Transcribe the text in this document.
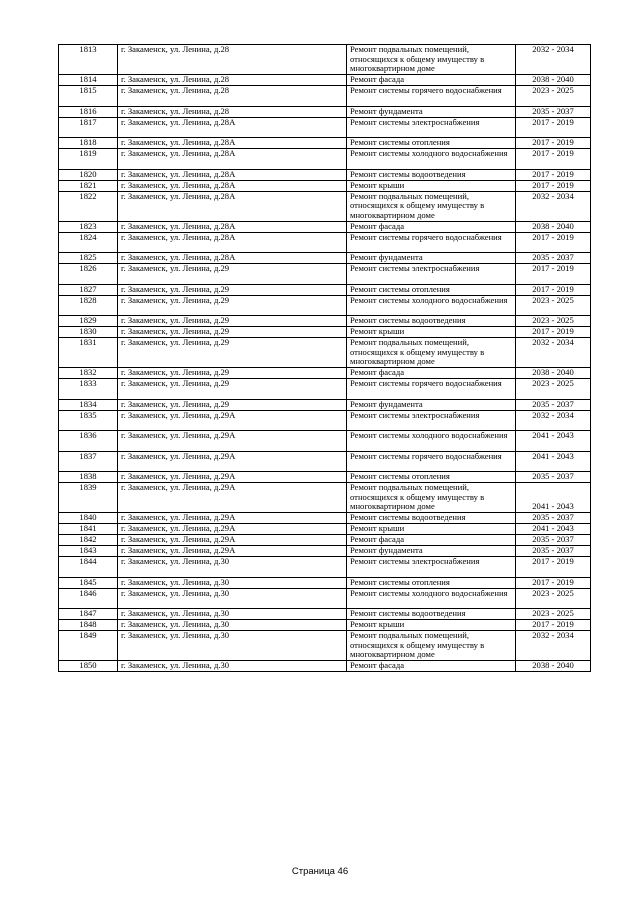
1813	г. Закаменск, ул. Ленина, д.28	Ремонт подвальных помещений, относящихся к общему имуществу в многоквартирном доме	2032 - 2034
1814	г. Закаменск, ул. Ленина, д.28	Ремонт фасада	2038 - 2040
1815	г. Закаменск, ул. Ленина, д.28	Ремонт системы горячего водоснабжения	2023 - 2025
1816	г. Закаменск, ул. Ленина, д.28	Ремонт фундамента	2035 - 2037
1817	г. Закаменск, ул. Ленина, д.28А	Ремонт системы электроснабжения	2017 - 2019
1818	г. Закаменск, ул. Ленина, д.28А	Ремонт системы отопления	2017 - 2019
1819	г. Закаменск, ул. Ленина, д.28А	Ремонт системы холодного водоснабжения	2017 - 2019
1820	г. Закаменск, ул. Ленина, д.28А	Ремонт системы водоотведения	2017 - 2019
1821	г. Закаменск, ул. Ленина, д.28А	Ремонт крыши	2017 - 2019
1822	г. Закаменск, ул. Ленина, д.28А	Ремонт подвальных помещений, относящихся к общему имуществу в многоквартирном доме	2032 - 2034
1823	г. Закаменск, ул. Ленина, д.28А	Ремонт фасада	2038 - 2040
1824	г. Закаменск, ул. Ленина, д.28А	Ремонт системы горячего водоснабжения	2017 - 2019
1825	г. Закаменск, ул. Ленина, д.28А	Ремонт фундамента	2035 - 2037
1826	г. Закаменск, ул. Ленина, д.29	Ремонт системы электроснабжения	2017 - 2019
1827	г. Закаменск, ул. Ленина, д.29	Ремонт системы отопления	2017 - 2019
1828	г. Закаменск, ул. Ленина, д.29	Ремонт системы холодного водоснабжения	2023 - 2025
1829	г. Закаменск, ул. Ленина, д.29	Ремонт системы водоотведения	2023 - 2025
1830	г. Закаменск, ул. Ленина, д.29	Ремонт крыши	2017 - 2019
1831	г. Закаменск, ул. Ленина, д.29	Ремонт подвальных помещений, относящихся к общему имуществу в многоквартирном доме	2032 - 2034
1832	г. Закаменск, ул. Ленина, д.29	Ремонт фасада	2038 - 2040
1833	г. Закаменск, ул. Ленина, д.29	Ремонт системы горячего водоснабжения	2023 - 2025
1834	г. Закаменск, ул. Ленина, д.29	Ремонт фундамента	2035 - 2037
1835	г. Закаменск, ул. Ленина, д.29А	Ремонт системы электроснабжения	2032 - 2034
1836	г. Закаменск, ул. Ленина, д.29А	Ремонт системы холодного водоснабжения	2041 - 2043
1837	г. Закаменск, ул. Ленина, д.29А	Ремонт системы горячего водоснабжения	2041 - 2043
1838	г. Закаменск, ул. Ленина, д.29А	Ремонт системы отопления	2035 - 2037
1839	г. Закаменск, ул. Ленина, д.29А	Ремонт подвальных помещений, относящихся к общему имуществу в многоквартирном доме	2041 - 2043
1840	г. Закаменск, ул. Ленина, д.29А	Ремонт системы водоотведения	2035 - 2037
1841	г. Закаменск, ул. Ленина, д.29А	Ремонт крыши	2041 - 2043
1842	г. Закаменск, ул. Ленина, д.29А	Ремонт фасада	2035 - 2037
1843	г. Закаменск, ул. Ленина, д.29А	Ремонт фундамента	2035 - 2037
1844	г. Закаменск, ул. Ленина, д.30	Ремонт системы электроснабжения	2017 - 2019
1845	г. Закаменск, ул. Ленина, д.30	Ремонт системы отопления	2017 - 2019
1846	г. Закаменск, ул. Ленина, д.30	Ремонт системы холодного водоснабжения	2023 - 2025
1847	г. Закаменск, ул. Ленина, д.30	Ремонт системы водоотведения	2023 - 2025
1848	г. Закаменск, ул. Ленина, д.30	Ремонт крыши	2017 - 2019
1849	г. Закаменск, ул. Ленина, д.30	Ремонт подвальных помещений, относящихся к общему имуществу в многоквартирном доме	2032 - 2034
1850	г. Закаменск, ул. Ленина, д.30	Ремонт фасада	2038 - 2040
Страница 46
